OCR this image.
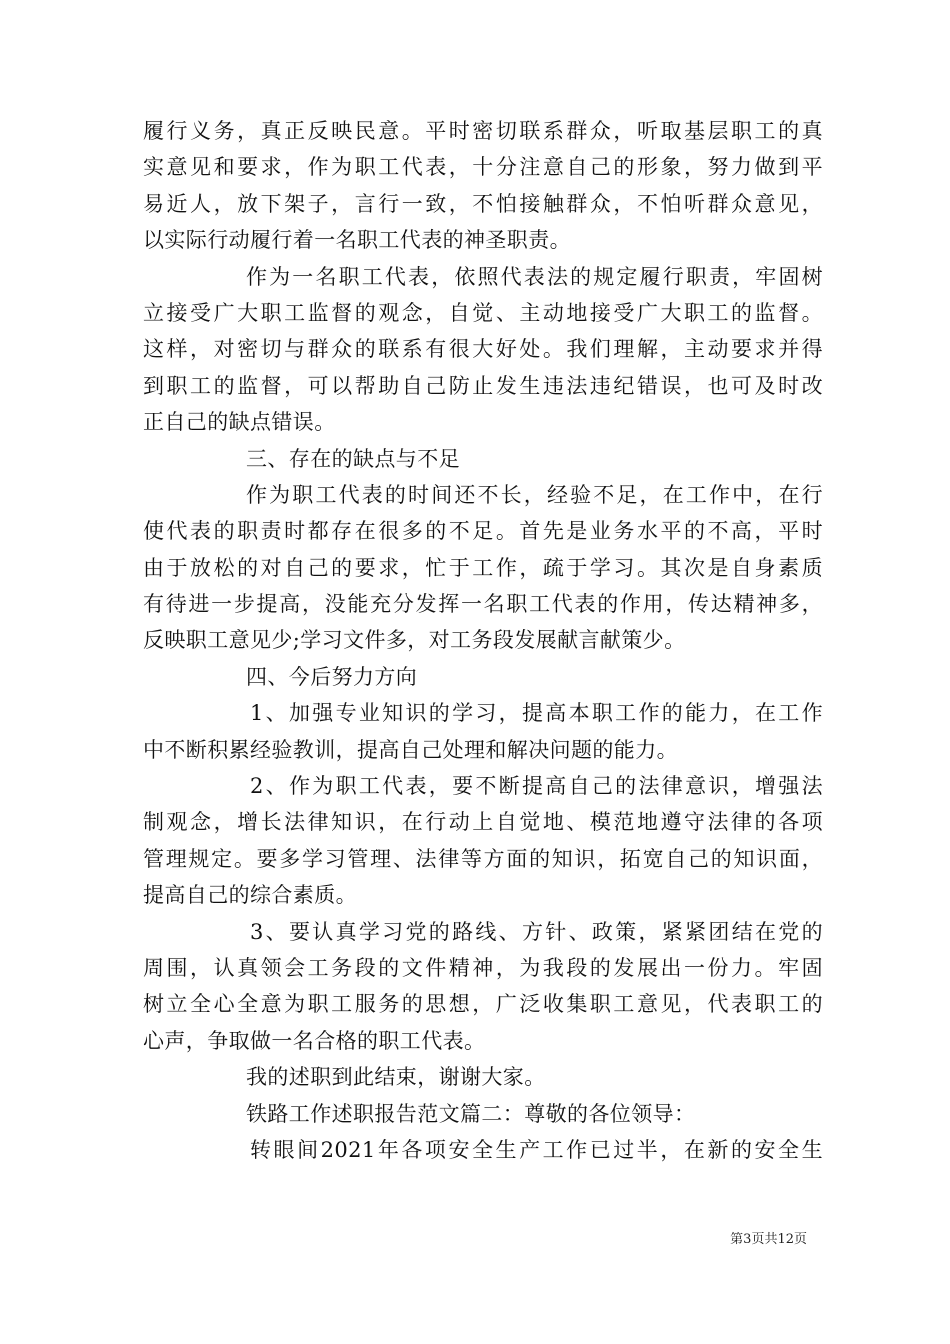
履行义务，真正反映民意。平时密切联系群众，听取基层职工的真
实意见和要求，作为职工代表，十分注意自己的形象，努力做到平
易近人，放下架子，言行一致，不怕接触群众，不怕听群众意见，
以实际行动履行着一名职工代表的神圣职责。
作为一名职工代表，依照代表法的规定履行职责，牢固树
立接受广大职工监督的观念，自觉、主动地接受广大职工的监督。
这样，对密切与群众的联系有很大好处。我们理解，主动要求并得
到职工的监督，可以帮助自己防止发生违法违纪错误，也可及时改
正自己的缺点错误。
三、存在的缺点与不足
作为职工代表的时间还不长，经验不足，在工作中，在行
使代表的职责时都存在很多的不足。首先是业务水平的不高，平时
由于放松的对自己的要求，忙于工作，疏于学习。其次是自身素质
有待进一步提高，没能充分发挥一名职工代表的作用，传达精神多，
反映职工意见少;学习文件多，对工务段发展献言献策少。
四、今后努力方向
1、加强专业知识的学习，提高本职工作的能力，在工作
中不断积累经验教训，提高自己处理和解决问题的能力。
2、作为职工代表，要不断提高自己的法律意识，增强法
制观念，增长法律知识，在行动上自觉地、模范地遵守法律的各项
管理规定。要多学习管理、法律等方面的知识，拓宽自己的知识面，
提高自己的综合素质。
3、要认真学习党的路线、方针、政策，紧紧团结在党的
周围，认真领会工务段的文件精神，为我段的发展出一份力。牢固
树立全心全意为职工服务的思想，广泛收集职工意见，代表职工的
心声，争取做一名合格的职工代表。
我的述职到此结束，谢谢大家。
铁路工作述职报告范文篇二：尊敬的各位领导：
转眼间2021年各项安全生产工作已过半，在新的安全生
第3页共12页
